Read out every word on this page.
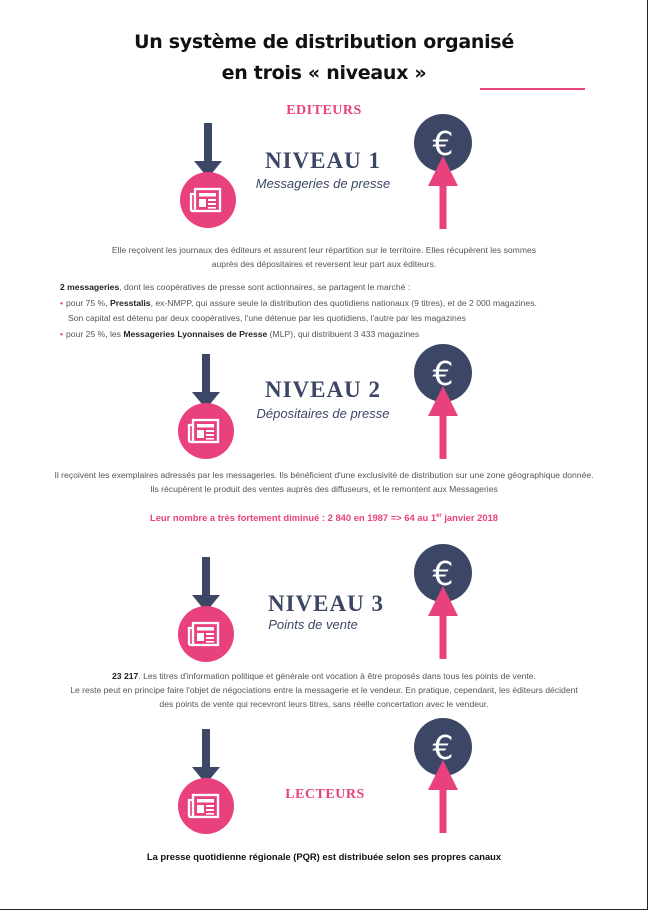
Un système de distribution organisé
en trois « niveaux »
EDITEURS
NIVEAU 1
Messageries de presse
Elle reçoivent les journaux des éditeurs et assurent leur répartition sur le territoire. Elles récupèrent les sommes
auprès des dépositaires et reversent leur part aux éditeurs.
2 messageries, dont les coopératives de presse sont actionnaires, se partagent le marché :
• pour 75 %, Presstalis, ex-NMPP, qui assure seule la distribution des quotidiens nationaux (9 titres), et de 2 000 magazines.
Son capital est détenu par deux coopératives, l'une détenue par les quotidiens, l'autre par les magazines
• pour 25 %, les Messageries Lyonnaises de Presse (MLP), qui distribuent 3 433 magazines
NIVEAU 2
Dépositaires de presse
Il reçoivent les exemplaires adressés par les messageries. Ils bénéficient d'une exclusivité de distribution sur une zone géographique donnée.
Ils récupèrent le produit des ventes auprès des diffuseurs, et le remontent aux Messageries
Leur nombre a très fortement diminué : 2 840 en 1987 => 64 au 1er janvier 2018
NIVEAU 3
Points de vente
23 217. Les titres d'information politique et générale ont vocation à être proposés dans tous les points de vente.
Le reste peut en principe faire l'objet de négociations entre la messagerie et le vendeur. En pratique, cependant, les éditeurs décident
des points de vente qui recevront leurs titres, sans réelle concertation avec le vendeur.
LECTEURS
La presse quotidienne régionale (PQR) est distribuée selon ses propres canaux
